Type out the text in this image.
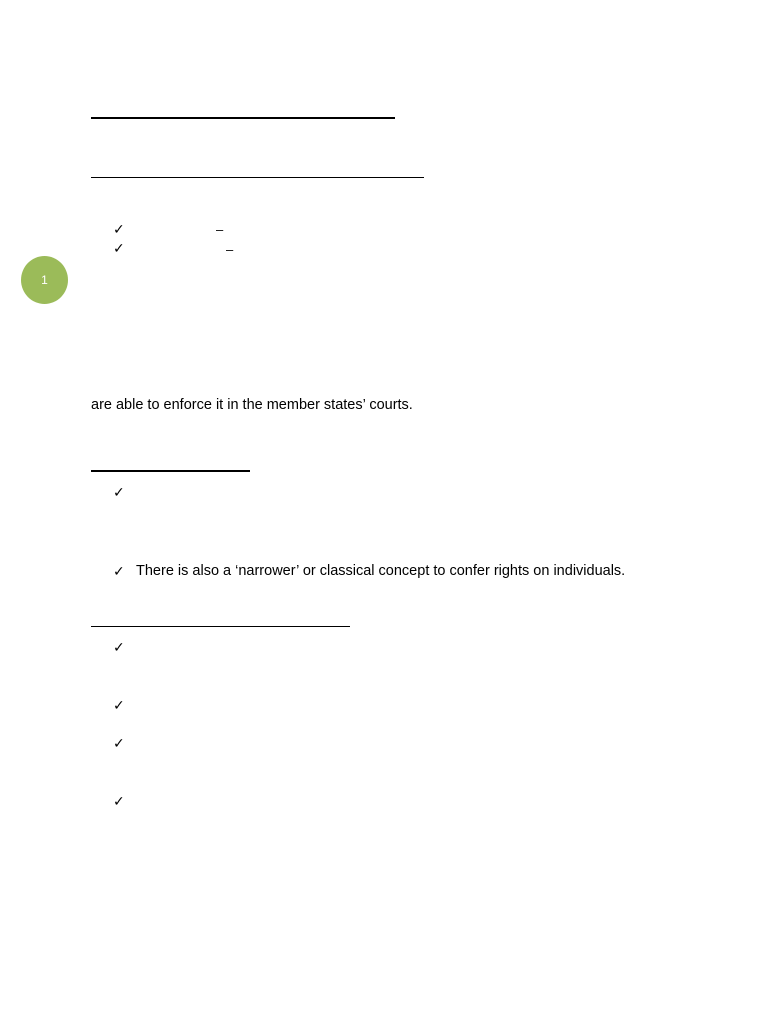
✓	–
✓	–
1
are able to enforce it in the member states’ courts.
✓
✓ There is also a ‘narrower’ or classical concept to confer rights on individuals.
✓
✓
✓
✓
